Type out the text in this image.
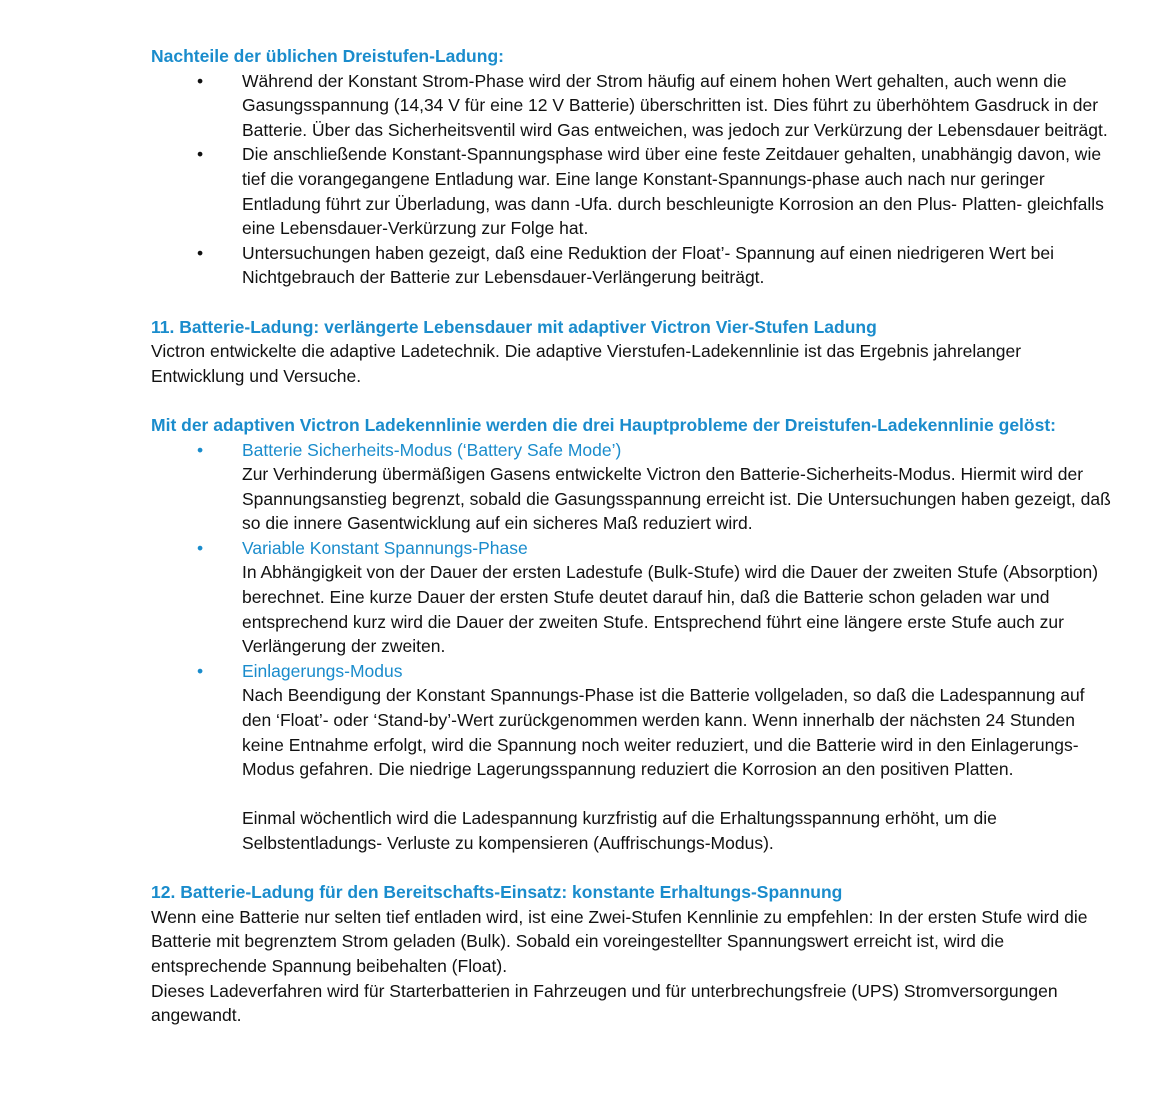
Nachteile der üblichen Dreistufen-Ladung:
•	Während der Konstant Strom-Phase wird der Strom häufig auf einem hohen Wert gehalten, auch wenn die Gasungsspannung (14,34 V für eine 12 V Batterie) überschritten ist. Dies führt zu überhöhtem Gasdruck in der Batterie. Über das Sicherheitsventil wird Gas entweichen, was jedoch zur Verkürzung der Lebensdauer beiträgt.

•	Die anschließende Konstant-Spannungsphase wird über eine feste Zeitdauer gehalten, unabhängig davon, wie tief die vorangegangene Entladung war. Eine lange Konstant-Spannungs-phase auch nach nur geringer Entladung führt zur Überladung, was dann -Ufa. durch beschleunigte Korrosion an den Plus- Platten- gleichfalls eine Lebensdauer-Verkürzung zur Folge hat.

•	Untersuchungen haben gezeigt, daß eine Reduktion der Float’- Spannung auf einen niedrigeren Wert bei Nichtgebrauch der Batterie zur Lebensdauer-Verlängerung beiträgt.

11. Batterie-Ladung: verlängerte Lebensdauer mit adaptiver Victron Vier-Stufen Ladung

Victron entwickelte die adaptive Ladetechnik. Die adaptive Vierstufen-Ladekennlinie ist das Ergebnis jahrelanger Entwicklung und Versuche.

Mit der adaptiven Victron Ladekennlinie werden die drei Hauptprobleme der Dreistufen-Ladekennlinie gelöst:
•	Batterie Sicherheits-Modus (‘Battery Safe Mode’)

Zur Verhinderung übermäßigen Gasens entwickelte Victron den Batterie-Sicherheits-Modus. Hiermit wird der Spannungsanstieg begrenzt, sobald die Gasungsspannung erreicht ist. Die Untersuchungen haben gezeigt, daß so die innere Gasentwicklung auf ein sicheres Maß reduziert wird.

•	Variable Konstant Spannungs-Phase

In Abhängigkeit von der Dauer der ersten Ladestufe (Bulk-Stufe) wird die Dauer der zweiten Stufe (Absorption) berechnet. Eine kurze Dauer der ersten Stufe deutet darauf hin, daß die Batterie schon geladen war und entsprechend kurz wird die Dauer der zweiten Stufe. Entsprechend führt eine längere erste Stufe auch zur Verlängerung der zweiten.

•	Einlagerungs-Modus

Nach Beendigung der Konstant Spannungs-Phase ist die Batterie vollgeladen, so daß die Ladespannung auf den ‘Float’- oder ‘Stand-by’-Wert zurückgenommen werden kann. Wenn innerhalb der nächsten 24 Stunden keine Entnahme erfolgt, wird die Spannung noch weiter reduziert, und die Batterie wird in den Einlagerungs-Modus gefahren. Die niedrige Lagerungsspannung reduziert die Korrosion an den positiven Platten.

Einmal wöchentlich wird die Ladespannung kurzfristig auf die Erhaltungsspannung erhöht, um die Selbstentladungs- Verluste zu kompensieren (Auffrischungs-Modus).

12. Batterie-Ladung für den Bereitschafts-Einsatz: konstante Erhaltungs-Spannung

Wenn eine Batterie nur selten tief entladen wird, ist eine Zwei-Stufen Kennlinie zu empfehlen: In der ersten Stufe wird die Batterie mit begrenztem Strom geladen (Bulk). Sobald ein voreingestellter Spannungswert erreicht ist, wird die entsprechende Spannung beibehalten (Float).

Dieses Ladeverfahren wird für Starterbatterien in Fahrzeugen und für unterbrechungsfreie (UPS) Stromversorgungen angewandt.
